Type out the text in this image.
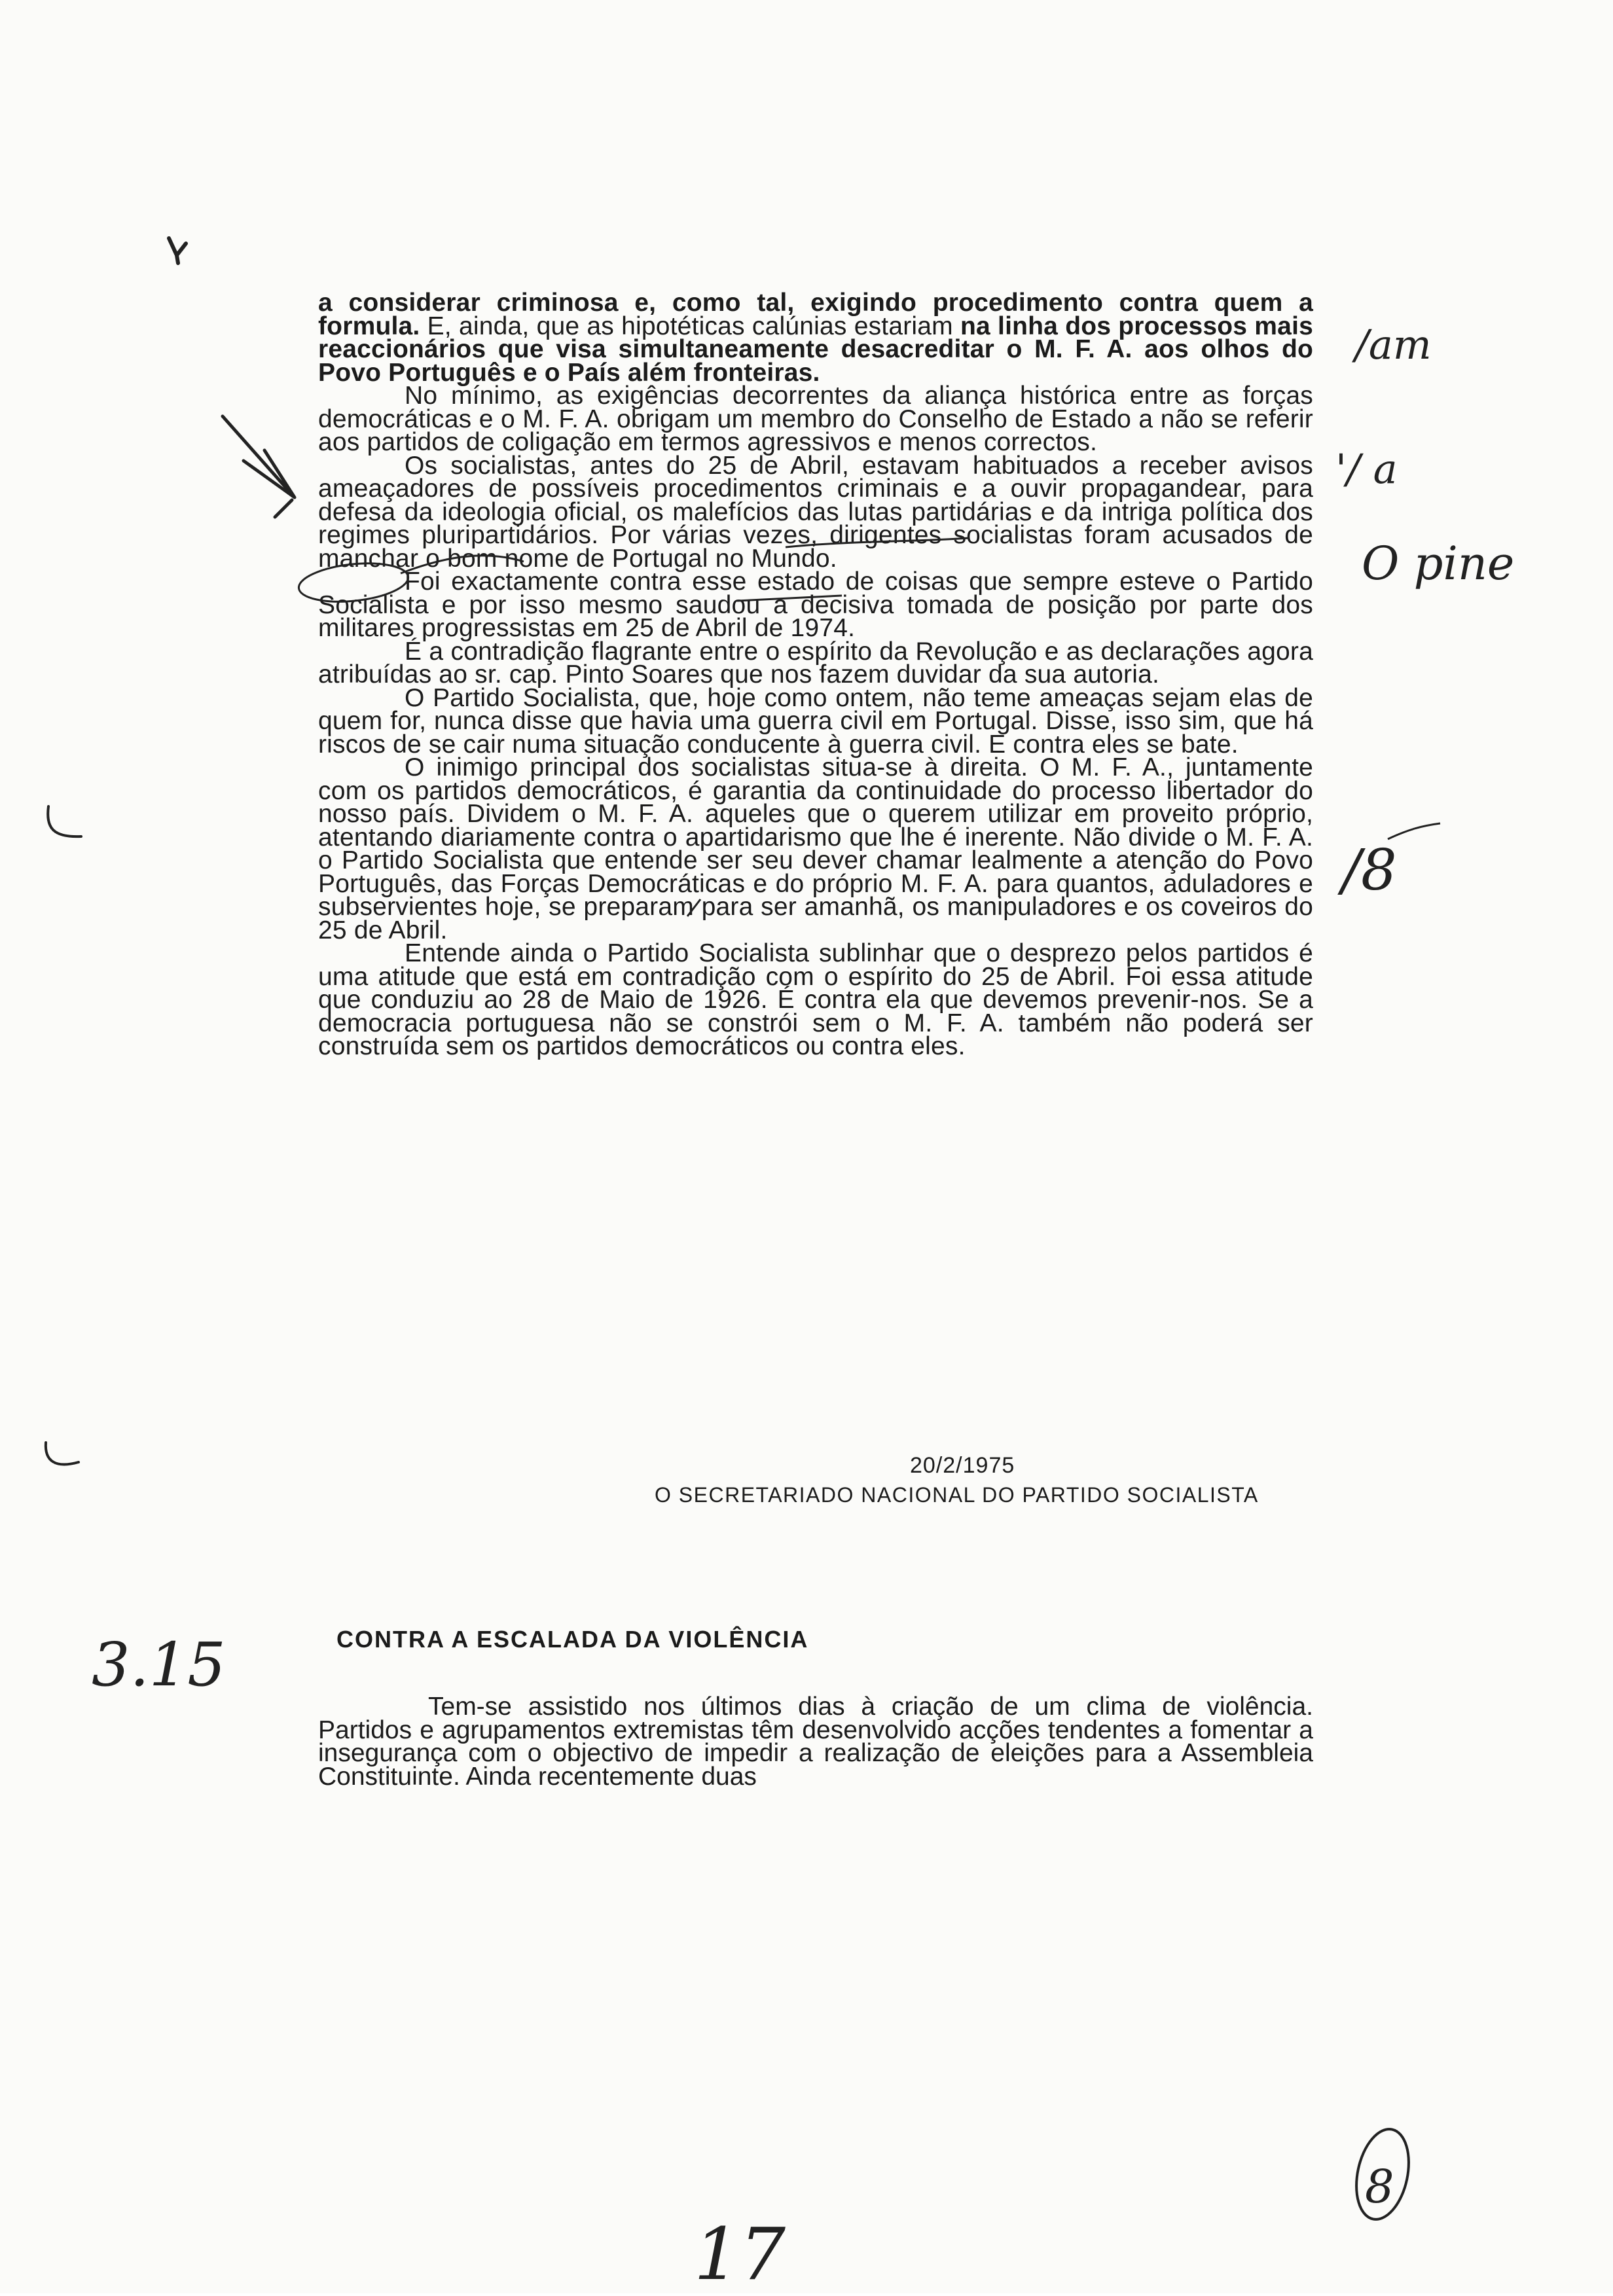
a considerar criminosa e, como tal, exigindo procedimento contra quem a formula. E, ainda, que as hipotéticas calúnias estariam na linha dos processos mais reaccionários que visa simultaneamente desacreditar o M. F. A. aos olhos do Povo Português e o País além fronteiras.

No mínimo, as exigências decorrentes da aliança histórica entre as forças democráticas e o M. F. A. obrigam um membro do Conselho de Estado a não se referir aos partidos de coligação em termos agressivos e menos correctos.

Os socialistas, antes do 25 de Abril, estavam habituados a receber avisos ameaçadores de possíveis procedimentos criminais e a ouvir propagandear, para defesa da ideologia oficial, os malefícios das lutas partidárias e da intriga política dos regimes pluripartidários. Por várias vezes, dirigentes socialistas foram acusados de manchar o bom nome de Portugal no Mundo.

Foi exactamente contra esse estado de coisas que sempre esteve o Partido Socialista e por isso mesmo saudou a decisiva tomada de posição por parte dos militares progressistas em 25 de Abril de 1974.

É a contradição flagrante entre o espírito da Revolução e as declarações agora atribuídas ao sr. cap. Pinto Soares que nos fazem duvidar da sua autoria.

O Partido Socialista, que, hoje como ontem, não teme ameaças sejam elas de quem for, nunca disse que havia uma guerra civil em Portugal. Disse, isso sim, que há riscos de se cair numa situação conducente à guerra civil. E contra eles se bate.

O inimigo principal dos socialistas situa-se à direita. O M. F. A., juntamente com os partidos democráticos, é garantia da continuidade do processo libertador do nosso país. Dividem o M. F. A. aqueles que o querem utilizar em proveito próprio, atentando diariamente contra o apartidarismo que lhe é inerente. Não divide o M. F. A. o Partido Socialista que entende ser seu dever chamar lealmente a atenção do Povo Português, das Forças Democráticas e do próprio M. F. A. para quantos, aduladores e subservientes hoje, se preparam para ser amanhã, os manipuladores e os coveiros do 25 de Abril.

Entende ainda o Partido Socialista sublinhar que o desprezo pelos partidos é uma atitude que está em contradição com o espírito do 25 de Abril. Foi essa atitude que conduziu ao 28 de Maio de 1926. É contra ela que devemos prevenir-nos. Se a democracia portuguesa não se constrói sem o M. F. A. também não poderá ser construída sem os partidos democráticos ou contra eles.

20/2/1975
O SECRETARIADO NACIONAL DO PARTIDO SOCIALISTA
CONTRA A ESCALADA DA VIOLÊNCIA

Tem-se assistido nos últimos dias à criação de um clima de violência. Partidos e agrupamentos extremistas têm desenvolvido acções tendentes a fomentar a insegurança com o objectivo de impedir a realização de eleições para a Assembleia Constituinte. Ainda recentemente duas

/am
'/ a
O pine
/8
3.15
17
8
